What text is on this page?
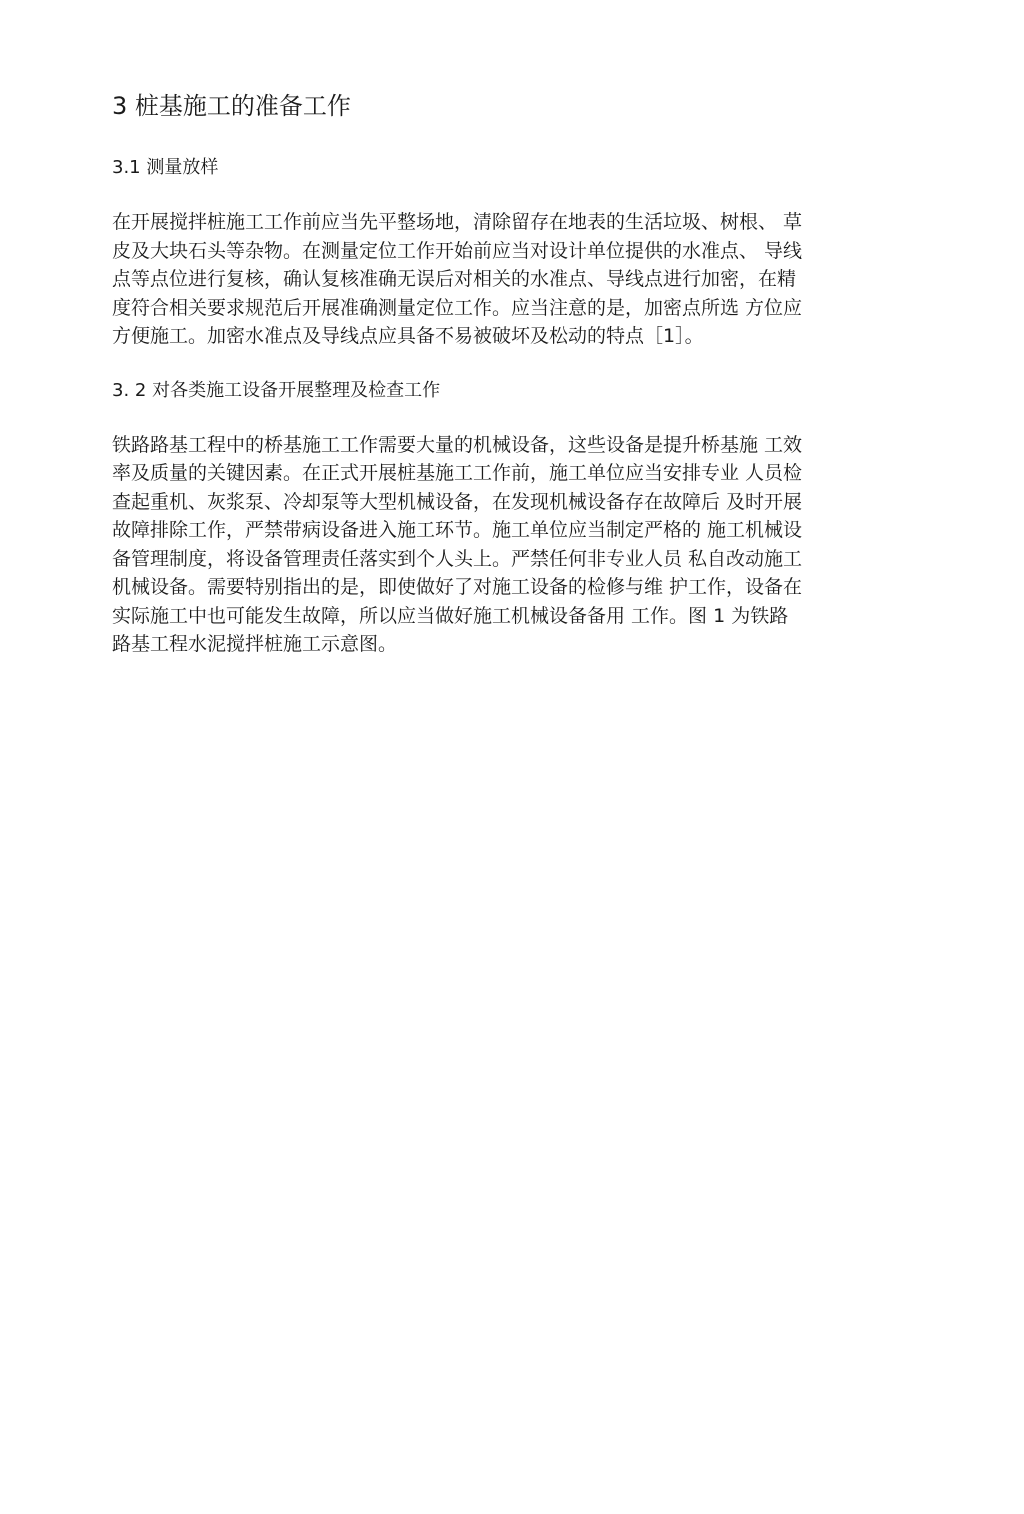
3 桩基施工的准备工作
3.1 测量放样
在开展搅拌桩施工工作前应当先平整场地，清除留存在地表的生活垃圾、树根、 草
皮及大块石头等杂物。在测量定位工作开始前应当对设计单位提供的水准点、 导线
点等点位进行复核，确认复核准确无误后对相关的水准点、导线点进行加密，在精
度符合相关要求规范后开展准确测量定位工作。应当注意的是，加密点所选 方位应
方便施工。加密水准点及导线点应具备不易被破坏及松动的特点［1］。
3. 2 对各类施工设备开展整理及检查工作
铁路路基工程中的桥基施工工作需要大量的机械设备，这些设备是提升桥基施 工效
率及质量的关键因素。在正式开展桩基施工工作前，施工单位应当安排专业 人员检
查起重机、灰浆泵、冷却泵等大型机械设备，在发现机械设备存在故障后 及时开展
故障排除工作，严禁带病设备进入施工环节。施工单位应当制定严格的 施工机械设
备管理制度，将设备管理责任落实到个人头上。严禁任何非专业人员 私自改动施工
机械设备。需要特别指出的是，即使做好了对施工设备的检修与维 护工作，设备在
实际施工中也可能发生故障，所以应当做好施工机械设备备用 工作。图 1 为铁路
路基工程水泥搅拌桩施工示意图。
